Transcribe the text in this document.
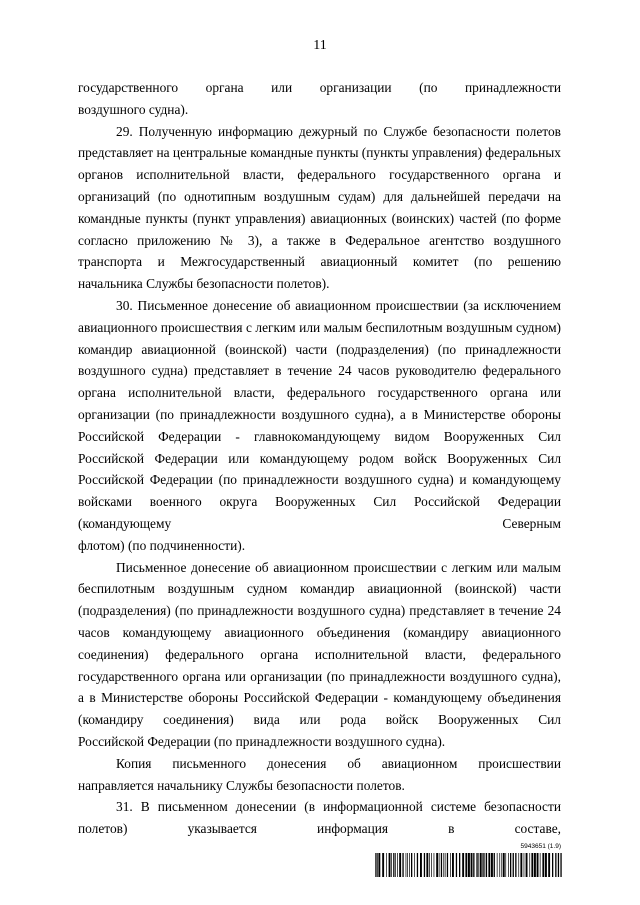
11

государственного органа или организации (по принадлежности

воздушного судна).

29. Полученную информацию дежурный по Службе безопасности полетов представляет на центральные командные пункты (пункты управления) федеральных органов исполнительной власти, федерального государственного органа и организаций (по однотипным воздушным судам) для дальнейшей передачи на командные пункты (пункт управления) авиационных (воинских) частей (по форме согласно приложению № 3), а также в Федеральное агентство воздушного транспорта и Межгосударственный авиационный комитет (по решению

начальника Службы безопасности полетов).

30. Письменное донесение об авиационном происшествии (за исключением авиационного происшествия с легким или малым беспилотным воздушным судном) командир авиационной (воинской) части (подразделения) (по принадлежности воздушного судна) представляет в течение 24 часов руководителю федерального органа исполнительной власти, федерального государственного органа или организации (по принадлежности воздушного судна), а в Министерстве обороны Российской Федерации - главнокомандующему видом Вооруженных Сил Российской Федерации или командующему родом войск Вооруженных Сил Российской Федерации (по принадлежности воздушного судна) и командующему войсками военного округа Вооруженных Сил Российской Федерации (командующему Северным

флотом) (по подчиненности).

Письменное донесение об авиационном происшествии с легким или малым беспилотным воздушным судном командир авиационной (воинской) части (подразделения) (по принадлежности воздушного судна) представляет в течение 24 часов командующему авиационного объединения (командиру авиационного соединения) федерального органа исполнительной власти, федерального государственного органа или организации (по принадлежности воздушного судна), а в Министерстве обороны Российской Федерации - командующему объединения (командиру соединения) вида или рода войск Вооруженных Сил

Российской Федерации (по принадлежности воздушного судна).

Копия письменного донесения об авиационном происшествии

направляется начальнику Службы безопасности полетов.

31. В письменном донесении (в информационной системе безопасности полетов) указывается информация в составе,

5943651 (1.9)
